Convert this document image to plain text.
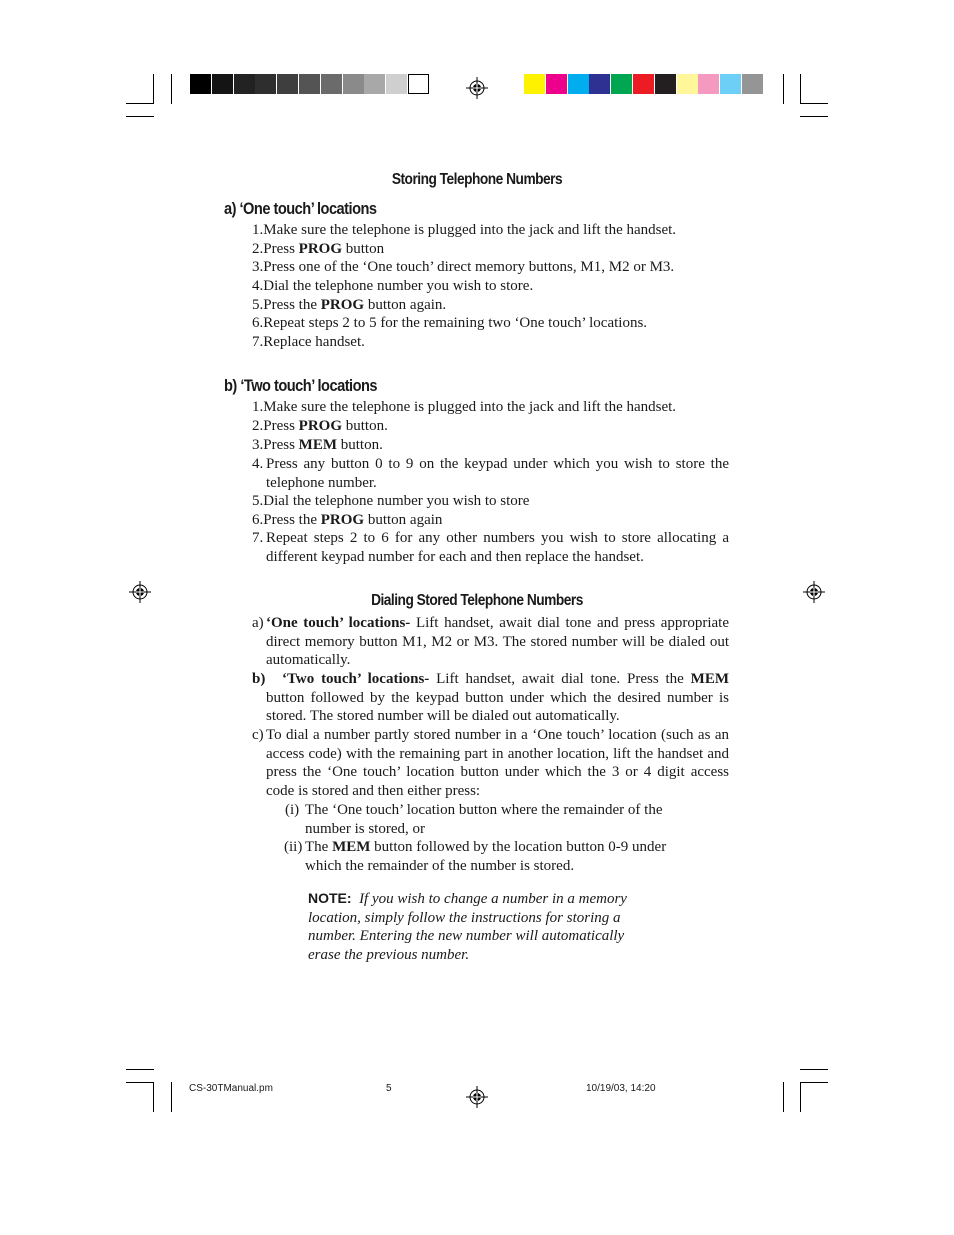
Storing Telephone Numbers
a) ‘One touch’ locations
1.Make sure the telephone is plugged into the jack and lift the handset.
2.Press PROG button
3.Press one of the ‘One touch’ direct memory buttons, M1, M2 or M3.
4.Dial the telephone number you wish to store.
5.Press the PROG button again.
6.Repeat steps 2 to 5 for the remaining two ‘One touch’ locations.
7.Replace handset.
b) ‘Two touch’ locations
1.Make sure the telephone is plugged into the jack and lift the handset.
2.Press PROG button.
3.Press MEM button.
4. Press any button 0 to 9 on the keypad under which you wish to store the telephone number.
5.Dial the telephone number you wish to store
6.Press the PROG button again
7. Repeat steps 2 to 6 for any other numbers you wish to store allocating a different keypad number for each and then replace the handset.
Dialing Stored Telephone Numbers
a) ‘One touch’ locations- Lift handset, await dial tone and press appropriate direct memory button M1, M2 or M3. The stored number will be dialed out automatically.
b)	‘Two touch’ locations- Lift handset, await dial tone. Press the MEM button followed by the keypad button under which the desired number is stored. The stored number will be dialed out automatically.
c) To dial a number partly stored number in a ‘One touch’ location (such as an access code) with the remaining part in another location, lift the handset and press the ‘One touch’ location button under which the 3 or 4 digit access code is stored and then either press:
(i) The ‘One touch’ location button where the remainder of the number is stored, or
(ii) The MEM button followed by the location button 0-9 under which the remainder of the number is stored.
NOTE: If you wish to change a number in a memory location, simply follow the instructions for storing a number. Entering the new number will automatically erase the previous number.
CS-30TManual.pm	5	10/19/03, 14:20
